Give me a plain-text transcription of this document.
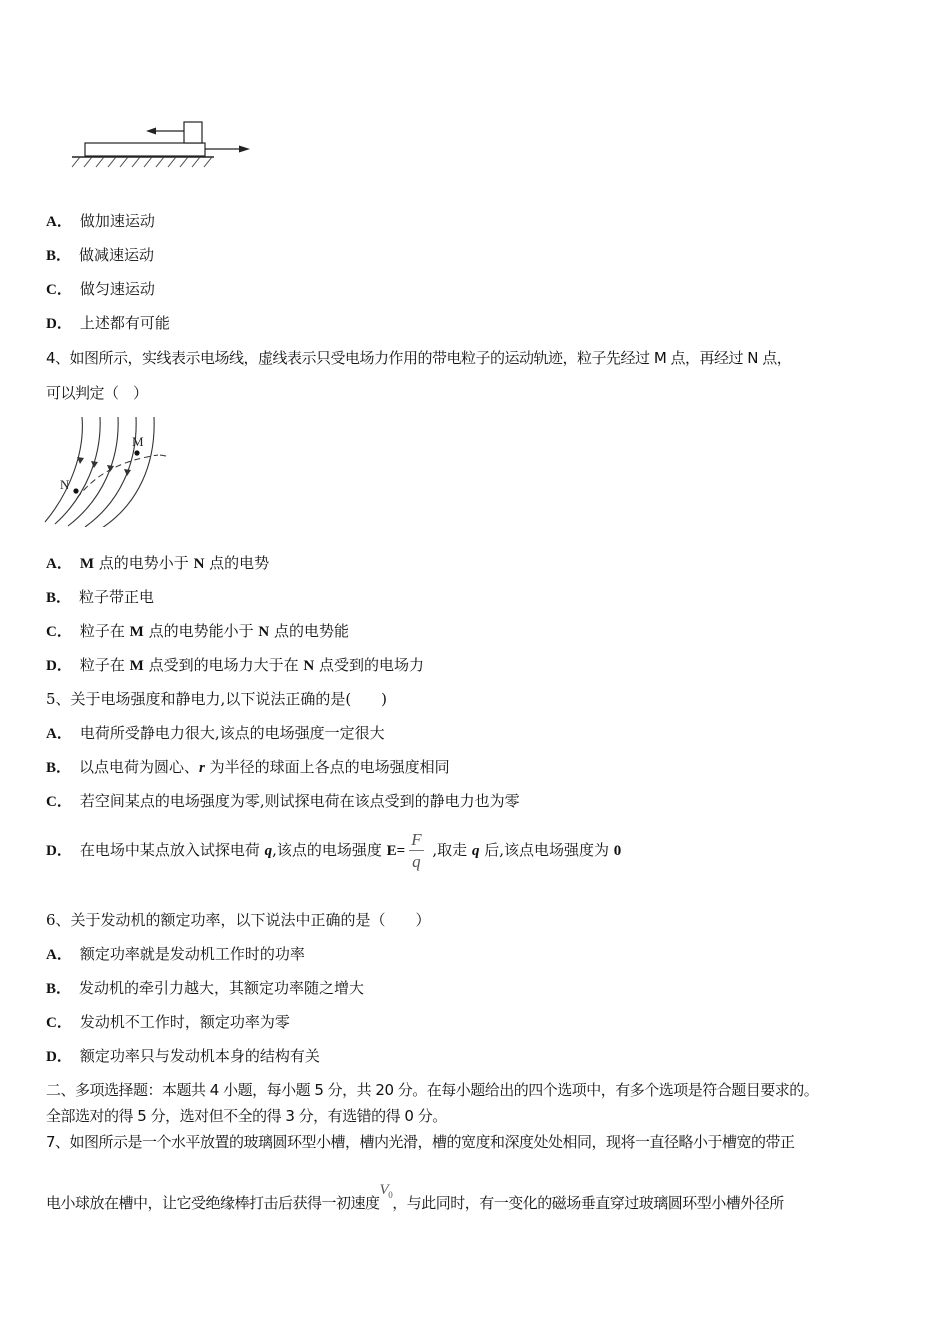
A． 做加速运动
B． 做减速运动
C． 做匀速运动
D． 上述都有可能
4、如图所示，实线表示电场线，虚线表示只受电场力作用的带电粒子的运动轨迹，粒子先经过 M 点，再经过 N 点，
可以判定（　）
M
N
A． M 点的电势小于 N 点的电势
B． 粒子带正电
C． 粒子在 M 点的电势能小于 N 点的电势能
D． 粒子在 M 点受到的电场力大于在 N 点受到的电场力
5、关于电场强度和静电力,以下说法正确的是(　　)
A． 电荷所受静电力很大,该点的电场强度一定很大
B． 以点电荷为圆心、r 为半径的球面上各点的电场强度相同
C． 若空间某点的电场强度为零,则试探电荷在该点受到的静电力也为零
D． 在电场中某点放入试探电荷 q,该点的电场强度 $E= \frac{F}{q}$ ,取走 q 后,该点电场强度为 0
6、关于发动机的额定功率，以下说法中正确的是（　　）
A． 额定功率就是发动机工作时的功率
B． 发动机的牵引力越大，其额定功率随之增大
C． 发动机不工作时，额定功率为零
D． 额定功率只与发动机本身的结构有关
二、多项选择题：本题共 4 小题，每小题 5 分，共 20 分。在每小题给出的四个选项中，有多个选项是符合题目要求的。
全部选对的得 5 分，选对但不全的得 3 分，有选错的得 0 分。
7、如图所示是一个水平放置的玻璃圆环型小槽，槽内光滑，槽的宽度和深度处处相同，现将一直径略小于槽宽的带正
电小球放在槽中，让它受绝缘棒打击后获得一初速度$V_0$，与此同时，有一变化的磁场垂直穿过玻璃圆环型小槽外径所
